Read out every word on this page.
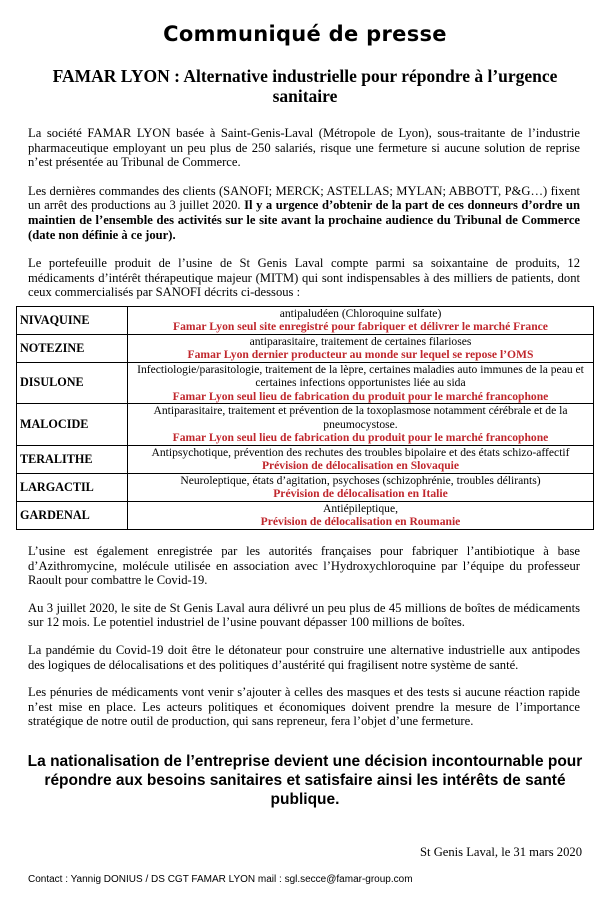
Communiqué de presse
FAMAR LYON : Alternative industrielle pour répondre à l’urgence sanitaire

La société FAMAR LYON basée à Saint-Genis-Laval (Métropole de Lyon), sous-traitante de l’industrie pharmaceutique employant un peu plus de 250 salariés, risque une fermeture si aucune solution de reprise n’est présentée au Tribunal de Commerce.

Les dernières commandes des clients (SANOFI; MERCK; ASTELLAS; MYLAN; ABBOTT, P&G…) fixent un arrêt des productions au 3 juillet 2020. Il y a urgence d’obtenir de la part de ces donneurs d’ordre un maintien de l’ensemble des activités sur le site avant la prochaine audience du Tribunal de Commerce (date non définie à ce jour).

Le portefeuille produit de l’usine de St Genis Laval compte parmi sa soixantaine de produits, 12 médicaments d’intérêt thérapeutique majeur (MITM) qui sont indispensables à des milliers de patients, dont ceux commercialisés par SANOFI décrits ci-dessous :

NIVAQUINE	antipaludéen (Chloroquine sulfate)
Famar Lyon seul site enregistré pour fabriquer et délivrer le marché France

NOTEZINE	antiparasitaire, traitement de certaines filarioses
Famar Lyon dernier producteur au monde sur lequel se repose l’OMS

DISULONE	Infectiologie/parasitologie, traitement de la lèpre, certaines maladies auto immunes de la peau et certaines infections opportunistes liée au sida
Famar Lyon seul lieu de fabrication du produit pour le marché francophone

MALOCIDE	Antiparasitaire, traitement et prévention de la toxoplasmose notamment cérébrale et de la pneumocystose.
Famar Lyon seul lieu de fabrication du produit pour le marché francophone

TERALITHE	Antipsychotique, prévention des rechutes des troubles bipolaire et des états schizo-affectif
Prévision de délocalisation en Slovaquie

LARGACTIL	Neuroleptique, états d’agitation, psychoses (schizophrénie, troubles délirants)
Prévision de délocalisation en Italie

GARDENAL	Antiépileptique,
Prévision de délocalisation en Roumanie

L’usine est également enregistrée par les autorités françaises pour fabriquer l’antibiotique à base d’Azithromycine, molécule utilisée en association avec l’Hydroxychloroquine par l’équipe du professeur Raoult pour combattre le Covid-19.

Au 3 juillet 2020, le site de St Genis Laval aura délivré un peu plus de 45 millions de boîtes de médicaments sur 12 mois. Le potentiel industriel de l’usine pouvant dépasser 100 millions de boîtes.

La pandémie du Covid-19 doit être le détonateur pour construire une alternative industrielle aux antipodes des logiques de délocalisations et des politiques d’austérité qui fragilisent notre système de santé.

Les pénuries de médicaments vont venir s’ajouter à celles des masques et des tests si aucune réaction rapide n’est mise en place. Les acteurs politiques et économiques doivent prendre la mesure de l’importance stratégique de notre outil de production, qui sans repreneur, fera l’objet d’une fermeture.

La nationalisation de l’entreprise devient une décision incontournable pour répondre aux besoins sanitaires et satisfaire ainsi les intérêts de santé publique.
St Genis Laval, le 31 mars 2020
Contact : Yannig DONIUS / DS CGT FAMAR LYON mail : sgl.secce@famar-group.com
